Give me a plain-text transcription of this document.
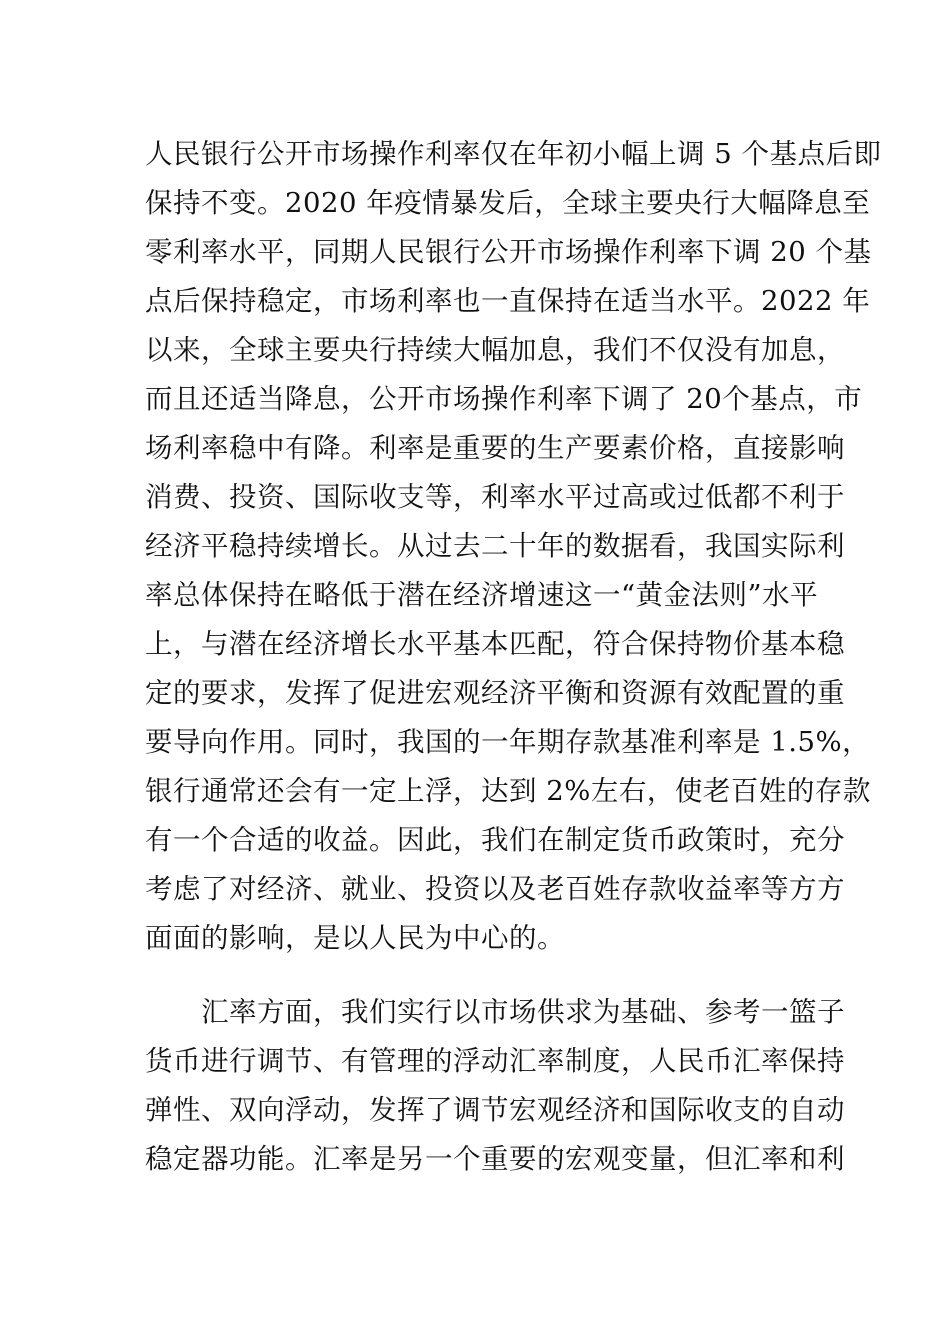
人民银行公开市场操作利率仅在年初小幅上调 5 个基点后即
保持不变。2020 年疫情暴发后，全球主要央行大幅降息至
零利率水平，同期人民银行公开市场操作利率下调 20 个基
点后保持稳定，市场利率也一直保持在适当水平。2022 年
以来，全球主要央行持续大幅加息，我们不仅没有加息，
而且还适当降息，公开市场操作利率下调了 20个基点，市
场利率稳中有降。利率是重要的生产要素价格，直接影响
消费、投资、国际收支等，利率水平过高或过低都不利于
经济平稳持续增长。从过去二十年的数据看，我国实际利
率总体保持在略低于潜在经济增速这一“黄金法则”水平
上，与潜在经济增长水平基本匹配，符合保持物价基本稳
定的要求，发挥了促进宏观经济平衡和资源有效配置的重
要导向作用。同时，我国的一年期存款基准利率是 1.5%，
银行通常还会有一定上浮，达到 2%左右，使老百姓的存款
有一个合适的收益。因此，我们在制定货币政策时，充分
考虑了对经济、就业、投资以及老百姓存款收益率等方方
面面的影响，是以人民为中心的。
汇率方面，我们实行以市场供求为基础、参考一篮子
货币进行调节、有管理的浮动汇率制度，人民币汇率保持
弹性、双向浮动，发挥了调节宏观经济和国际收支的自动
稳定器功能。汇率是另一个重要的宏观变量，但汇率和利
